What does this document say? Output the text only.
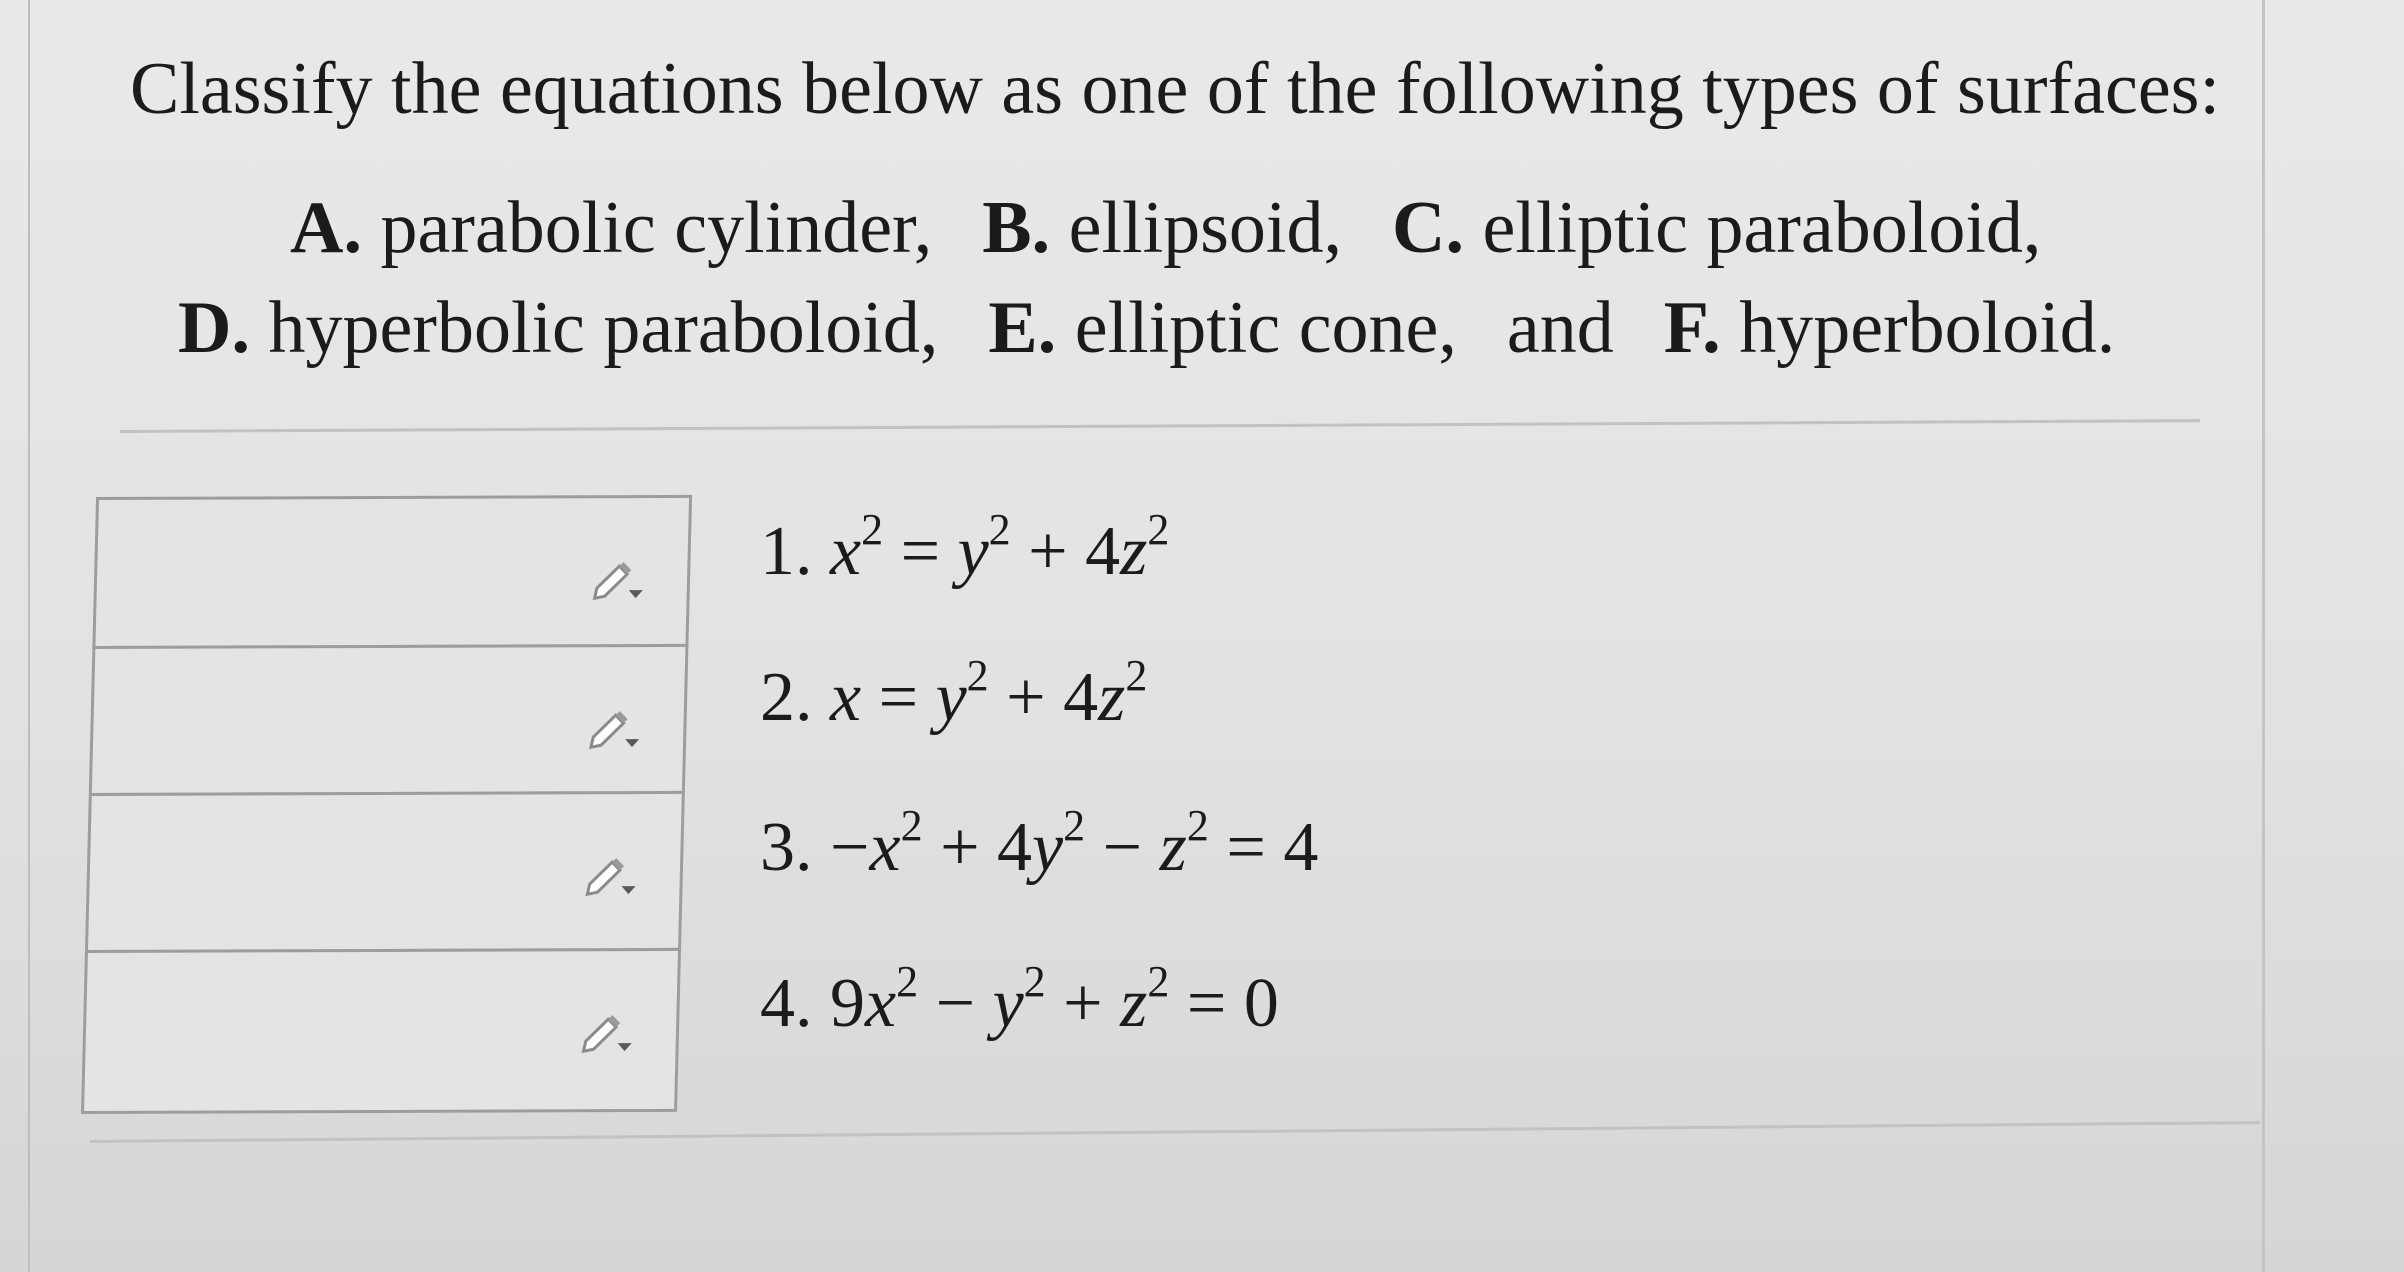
Classify the equations below as one of the following types of surfaces:
A. parabolic cylinder, B. ellipsoid, C. elliptic paraboloid,
D. hyperbolic paraboloid, E. elliptic cone, and F. hyperboloid.
1. $x^2 = y^2 + 4z^2$
2. $x = y^2 + 4z^2$
3. $-x^2 + 4y^2 - z^2 = 4$
4. $9x^2 - y^2 + z^2 = 0$
